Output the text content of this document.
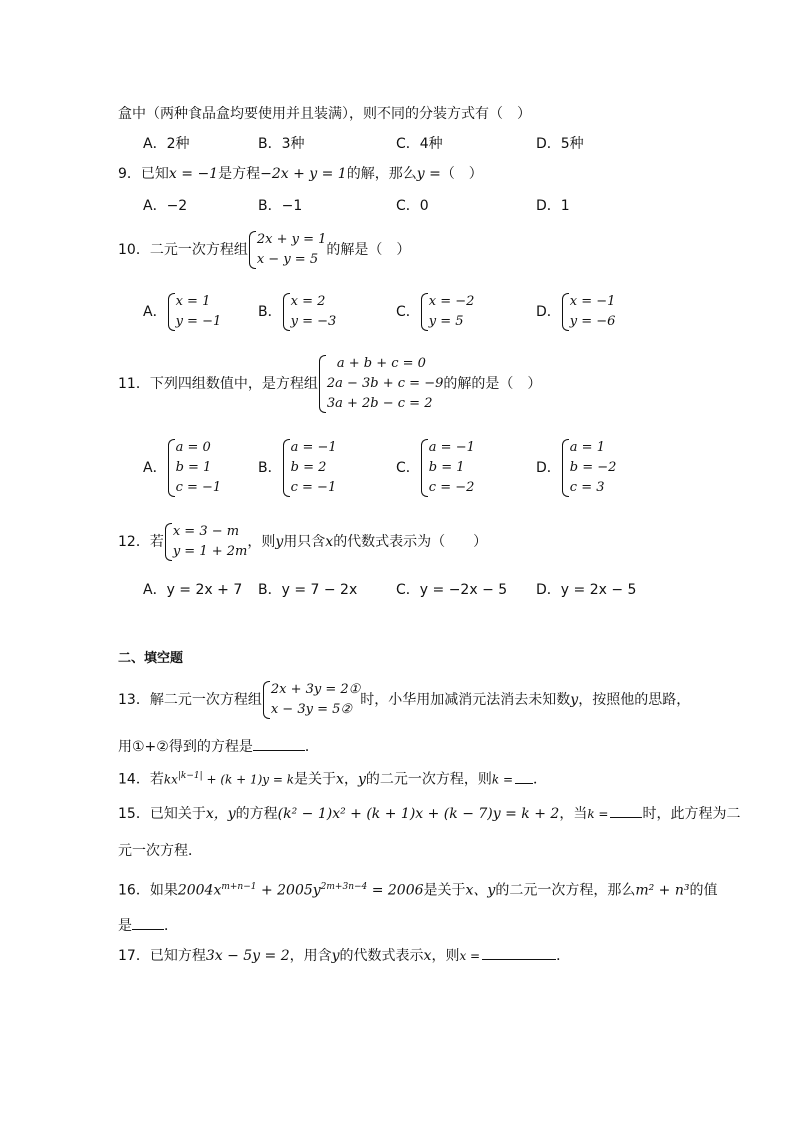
盒中（两种食品盒均要使用并且装满），则不同的分装方式有（　）
A．2种	B．3种	C．4种	D．5种
9．已知x = −1是方程−2x + y = 1的解，那么y =（　）
A．−2	B．−1	C．0	D．1
10．二元一次方程组
2x + y = 1
x − y = 5
的解是（　）
A．
x = 1
y = −1
B．
x = 2
y = −3
C．
x = −2
y = 5
D．
x = −1
y = −6
11．下列四组数值中，是方程组
a + b + c = 0
2a − 3b + c = −9
3a + 2b − c = 2
的解的是（　）
A．
a = 0
b = 1
c = −1
B．
a = −1
b = 2
c = −1
C．
a = −1
b = 1
c = −2
D．
a = 1
b = −2
c = 3
12．若
x = 3 − m
y = 1 + 2m
，则y用只含x的代数式表示为（　　）
A．y = 2x + 7 B．y = 7 − 2x	C．y = −2x − 5 D．y = 2x − 5
二、填空题
13．解二元一次方程组
2x + 3y = 2①
x − 3y = 5②
时，小华用加减消元法消去未知数y，按照他的思路，
用①+②得到的方程是	．
14．若$kx^{|k-1|} + (k + 1)y = k$是关于x，y的二元一次方程，则k = ．
15．已知关于x，y的方程(k² − 1)x² + (k + 1)x + (k − 7)y = k + 2，当k = 时，此方程为二
元一次方程．
16．如果$2004x^{m+n-1} + 2005y^{2m+3n-4} = 2006$是关于x、y的二元一次方程，那么m² + n³的值
是 ．
17．已知方程3x − 5y = 2，用含y的代数式表示x，则x =	．
